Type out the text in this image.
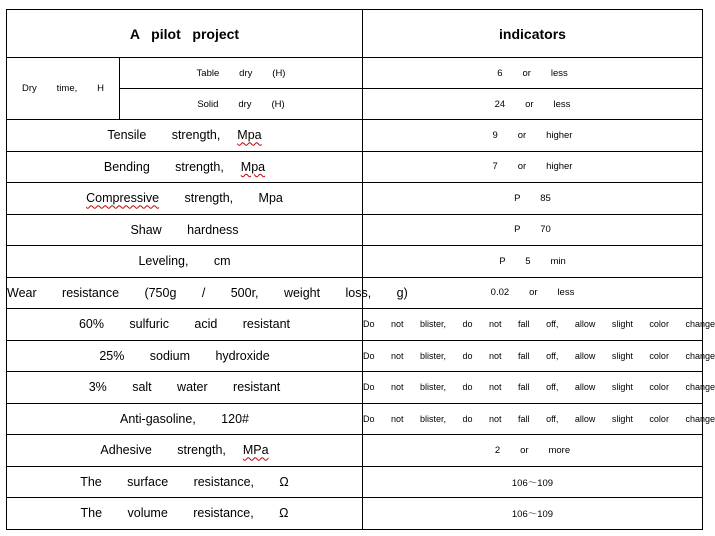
A   pilot   project		indicators
Dry   time,   H	Table   dry   (H)	6   or   less
	Solid   dry   (H)	24   or   less
Tensile   strength,  Mpa		9   or   higher
Bending   strength,  Mpa		7   or   higher
Compressive   strength,   Mpa		P   85
Shaw   hardness		P   70
Leveling,   cm		P   5   min
Wear   resistance   (750g   /   500r,   weight   loss,   g)		0.02   or   less
60%   sulfuric   acid   resistant		Do   not   blister,   do   not   fall   off,   allow   slight   color   change
25%   sodium   hydroxide		Do   not   blister,   do   not   fall   off,   allow   slight   color   change
3%   salt   water   resistant		Do   not   blister,   do   not   fall   off,   allow   slight   color   change
Anti-gasoline,   120#		Do   not   blister,   do   not   fall   off,   allow   slight   color   change
Adhesive   strength,  MPa		2   or   more
The   surface   resistance,   Ω		106～109
The   volume   resistance,   Ω		106～109
